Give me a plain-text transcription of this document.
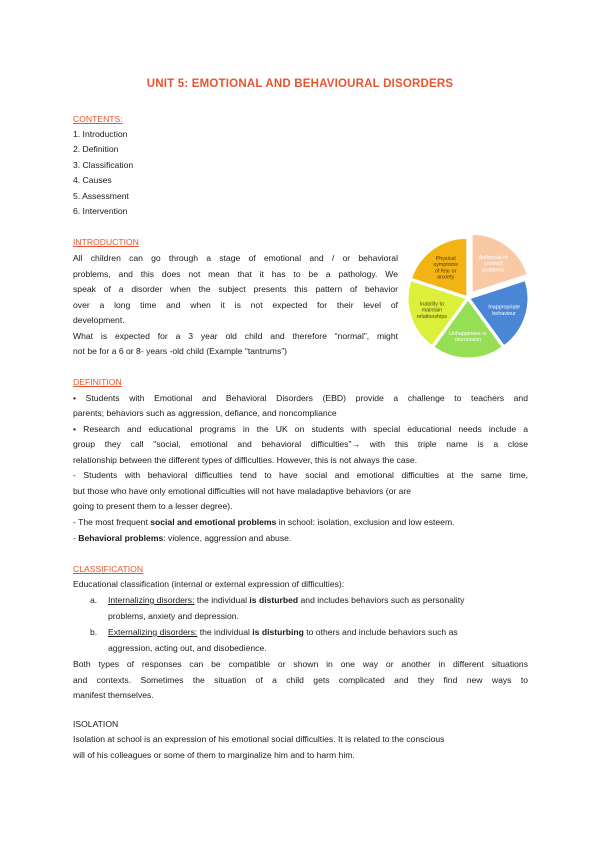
UNIT 5: EMOTIONAL AND BEHAVIOURAL DISORDERS
CONTENTS:
1. Introduction
2. Definition
3. Classification
4. Causes
5. Assessment
6. Intervention
INTRODUCTION
All children can go through a stage of emotional and / or behavioral
problems, and this does not mean that it has to be a pathology. We
speak of a disorder when the subject presents this pattern of behavior
over a long time and when it is not expected for their level of
development.
What is expected for a 3 year old child and therefore “normal”, might
not be for a 6 or 8- years -old child (Example “tantrums”)
Antisocial or conduct problems
Inappropriate behaviour
Unhappiness or depression
Inability to maintain relationships
Physical symptoms of fear or anxiety
DEFINITION
• Students with Emotional and Behavioral Disorders (EBD) provide a challenge to teachers and
parents; behaviors such as aggression, defiance, and noncompliance
• Research and educational programs in the UK on students with special educational needs include a
group they call "social, emotional and behavioral difficulties"→ with this triple name is a close
relationship between the different types of difficulties. However, this is not always the case.
- Students with behavioral difficulties tend to have social and emotional difficulties at the same time,
but those who have only emotional difficulties will not have maladaptive behaviors (or are
going to present them to a lesser degree).
- The most frequent social and emotional problems in school: isolation, exclusion and low esteem.
- Behavioral problems: violence, aggression and abuse.
CLASSIFICATION
Educational classification (internal or external expression of difficulties):
a.	Internalizing disorders: the individual is disturbed and includes behaviors such as personality
problems, anxiety and depression.
b.	Externalizing disorders: the individual is disturbing to others and include behaviors such as
aggression, acting out, and disobedience.
Both types of responses can be compatible or shown in one way or another in different situations
and contexts. Sometimes the situation of a child gets complicated and they find new ways to
manifest themselves.
ISOLATION
Isolation at school is an expression of his emotional social difficulties. It is related to the conscious
will of his colleagues or some of them to marginalize him and to harm him.
